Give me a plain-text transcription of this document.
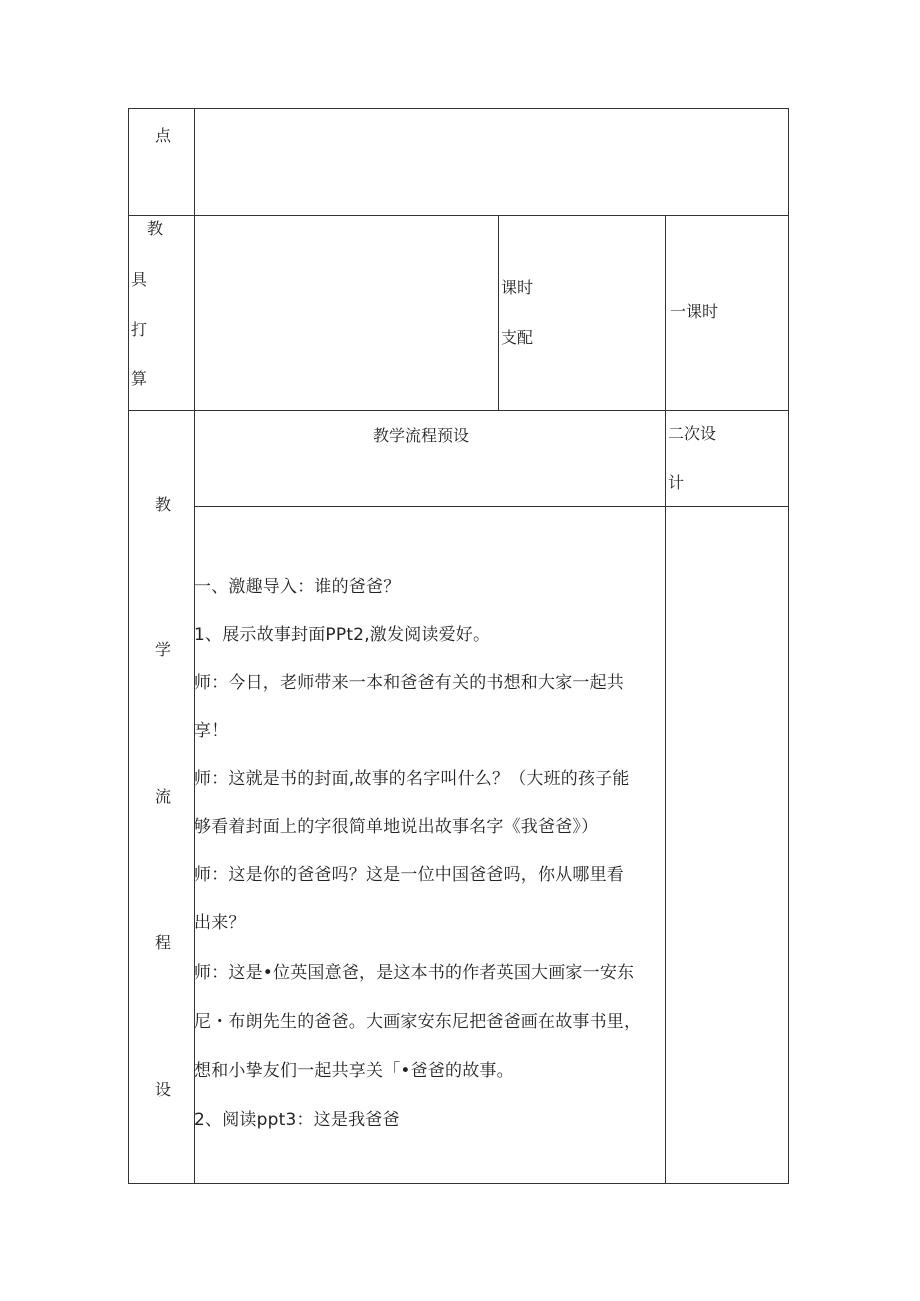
点
教
具
打
算
课时
支配
一课时
教
学
流
程
设
教学流程预设	二次设
计
一、激趣导入：谁的爸爸？
1、展示故事封面PPt2,激发阅读爱好。
师：今日，老师带来一本和爸爸有关的书想和大家一起共
享！
师：这就是书的封面,故事的名字叫什么？（大班的孩子能
够看着封面上的字很简单地说出故事名字《我爸爸》）
师：这是你的爸爸吗？这是一位中国爸爸吗，你从哪里看
出来？
师：这是•位英国意爸，是这本书的作者英国大画家一安东
尼・布朗先生的爸爸。大画家安东尼把爸爸画在故事书里，
想和小挚友们一起共享关「•爸爸的故事。
2、阅读ppt3：这是我爸爸
